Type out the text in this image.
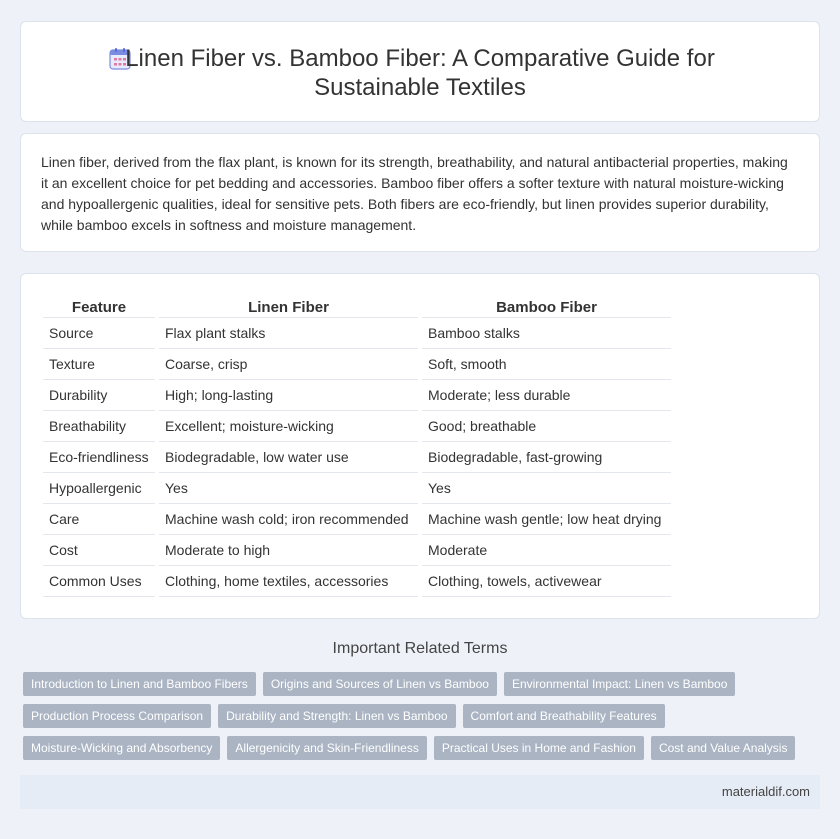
Linen Fiber vs. Bamboo Fiber: A Comparative Guide for
Sustainable Textiles

Linen fiber, derived from the flax plant, is known for its strength, breathability, and natural antibacterial properties, making it an excellent choice for pet bedding and accessories. Bamboo fiber offers a softer texture with natural moisture-wicking and hypoallergenic qualities, ideal for sensitive pets. Both fibers are eco-friendly, but linen provides superior durability, while bamboo excels in softness and moisture management.

Feature		Linen Fiber		Bamboo Fiber
Source		Flax plant stalks		Bamboo stalks
Texture		Coarse, crisp		Soft, smooth
Durability		High; long-lasting		Moderate; less durable
Breathability		Excellent; moisture-wicking		Good; breathable
Eco-friendliness		Biodegradable, low water use		Biodegradable, fast-growing
Hypoallergenic		Yes		Yes
Care		Machine wash cold; iron recommended		Machine wash gentle; low heat drying
Cost		Moderate to high		Moderate
Common Uses		Clothing, home textiles, accessories		Clothing, towels, activewear
Important Related Terms
Introduction to Linen and Bamboo Fibers	Origins and Sources of Linen vs Bamboo	Environmental Impact: Linen vs Bamboo
Production Process Comparison	Durability and Strength: Linen vs Bamboo	Comfort and Breathability Features
Moisture-Wicking and Absorbency	Allergenicity and Skin-Friendliness	Practical Uses in Home and Fashion	Cost and Value Analysis
materialdif.com
